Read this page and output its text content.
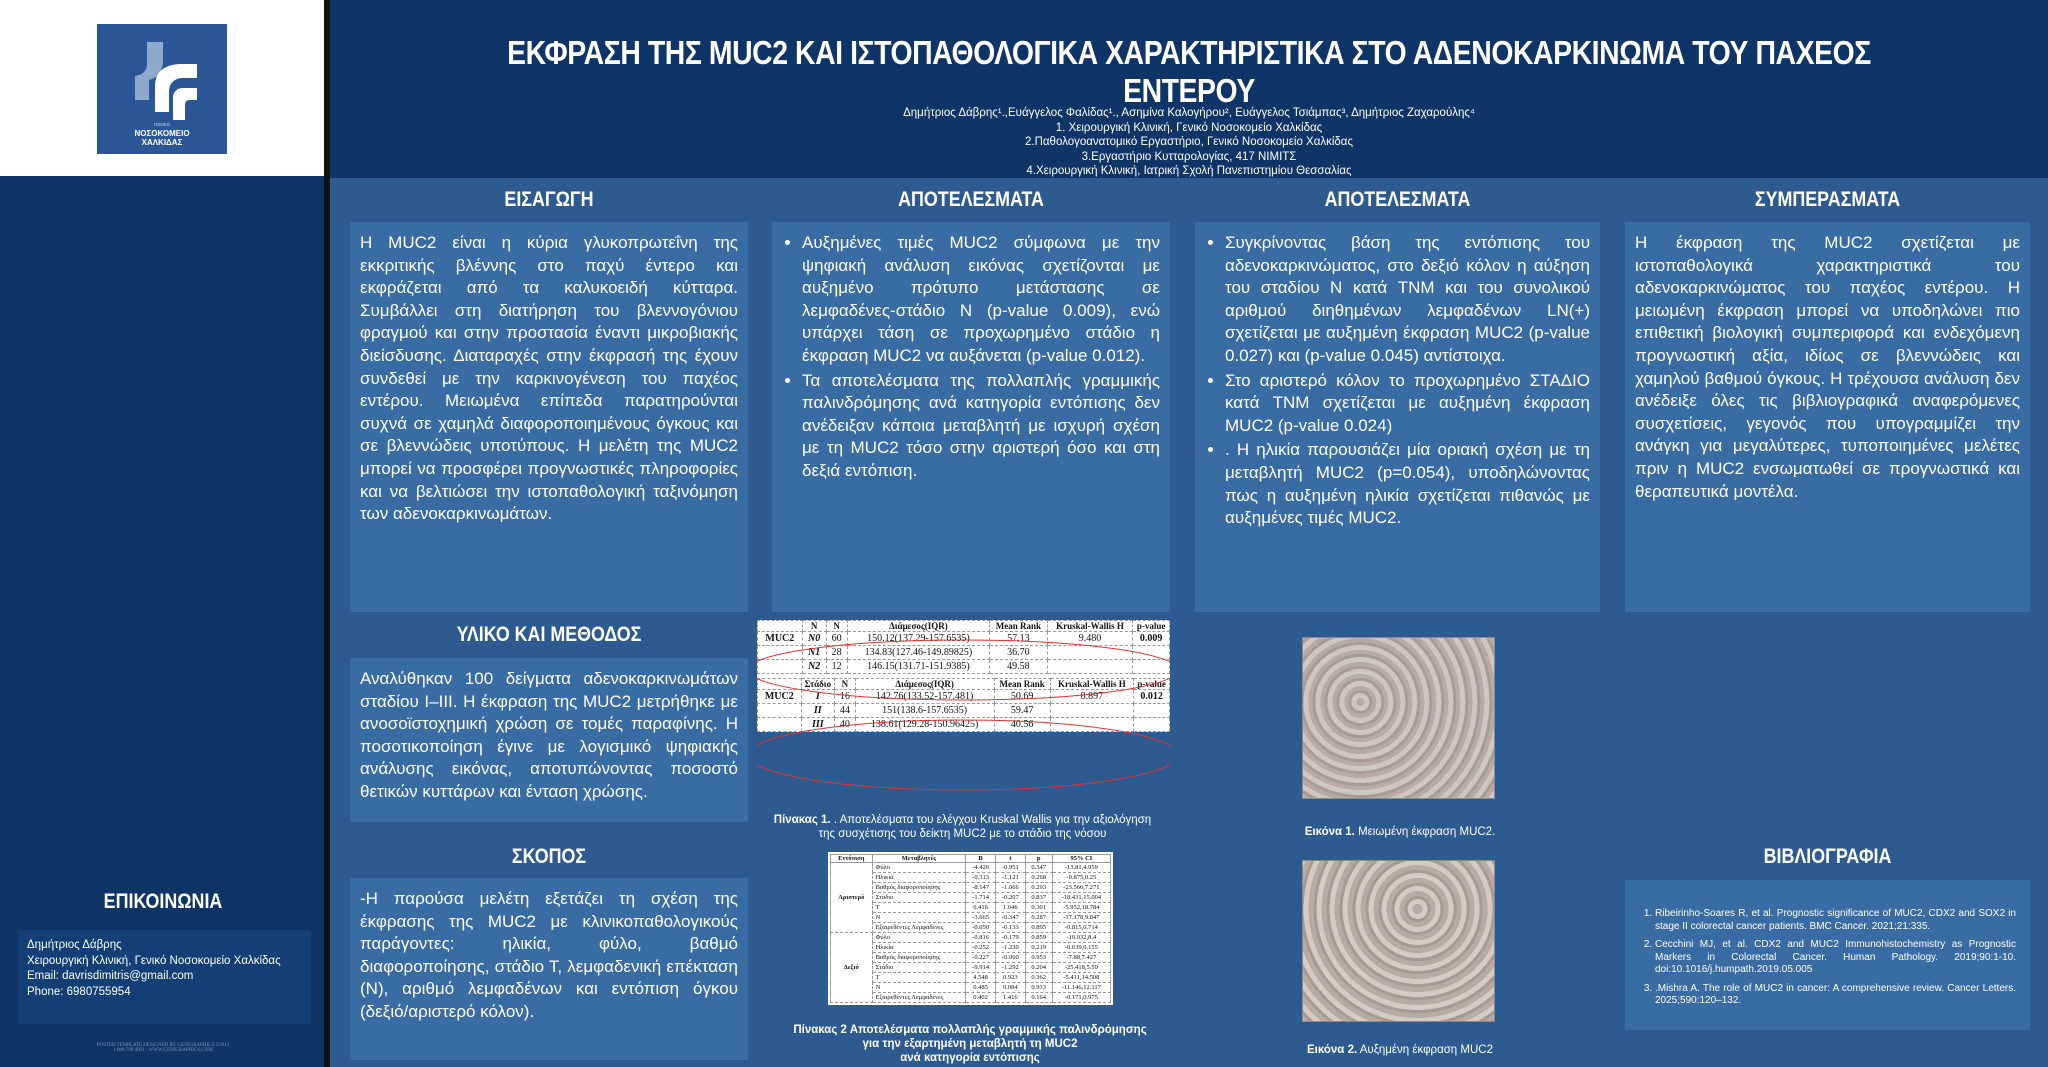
ΓΕΝΙΚΟ
ΝΟΣΟΚΟΜΕΙΟ
ΧΑΛΚΙΔΑΣ
ΕΚΦΡΑΣΗ ΤΗΣ MUC2 ΚΑΙ ΙΣΤΟΠΑΘΟΛΟΓΙΚΑ ΧΑΡΑΚΤΗΡΙΣΤΙΚΑ ΣΤΟ ΑΔΕΝΟΚΑΡΚΙΝΩΜΑ ΤΟΥ ΠΑΧΕΟΣ ΕΝΤΕΡΟΥ
Δημήτριος Δάβρης¹.,Ευάγγελος Φαλίδας¹., Ασημίνα Καλογήρου², Ευάγγελος Τσιάμπας³, Δημήτριος Ζαχαρούλης⁴
1. Χειρουργική Κλινική, Γενικό Νοσοκομείο Χαλκίδας
2.Παθολογοανατομικό Εργαστήριο, Γενικό Νοσοκομείο Χαλκίδας
3.Εργαστήριο Κυτταρολογίας, 417 ΝΙΜΙΤΣ
4.Χειρουργική Κλινική, Ιατρική Σχολή Πανεπιστημίου Θεσσαλίας
ΕΙΣΑΓΩΓΗ

Η MUC2 είναι η κύρια γλυκοπρωτεΐνη της εκκριτικής βλέννης στο παχύ έντερο και εκφράζεται από τα καλυκοειδή κύτταρα. Συμβάλλει στη διατήρηση του βλεννογόνιου φραγμού και στην προστασία έναντι μικροβιακής διείσδυσης. Διαταραχές στην έκφρασή της έχουν συνδεθεί με την καρκινογένεση του παχέος εντέρου. Μειωμένα επίπεδα παρατηρούνται συχνά σε χαμηλά διαφοροποιημένους όγκους και σε βλεννώδεις υποτύπους. Η μελέτη της MUC2 μπορεί να προσφέρει προγνωστικές πληροφορίες και να βελτιώσει την ιστοπαθολογική ταξινόμηση των αδενοκαρκινωμάτων.

ΥΛΙΚΟ ΚΑΙ ΜΕΘΟΔΟΣ

Αναλύθηκαν 100 δείγματα αδενοκαρκινωμάτων σταδίου I–III. Η έκφραση της MUC2 μετρήθηκε με ανοσοϊστοχημική χρώση σε τομές παραφίνης. Η ποσοτικοποίηση έγινε με λογισμικό ψηφιακής ανάλυσης εικόνας, αποτυπώνοντας ποσοστό θετικών κυττάρων και ένταση χρώσης.

ΣΚΟΠΟΣ

-Η παρούσα μελέτη εξετάζει τη σχέση της έκφρασης της MUC2 με κλινικοπαθολογικούς παράγοντες: ηλικία, φύλο, βαθμό διαφοροποίησης, στάδιο Τ, λεμφαδενική επέκταση (Ν), αριθμό λεμφαδένων και εντόπιση όγκου (δεξιό/αριστερό κόλον).

ΑΠΟΤΕΛΕΣΜΑΤΑ
• Αυξημένες τιμές MUC2 σύμφωνα με την ψηφιακή ανάλυση εικόνας σχετίζονται με αυξημένο πρότυπο μετάστασης σε λεμφαδένες-στάδιο Ν (p-value 0.009), ενώ υπάρχει τάση σε προχωρημένο στάδιο η έκφραση MUC2 να αυξάνεται (p-value 0.012).
• Τα αποτελέσματα της πολλαπλής γραμμικής παλινδρόμησης ανά κατηγορία εντόπισης δεν ανέδειξαν κάποια μεταβλητή με ισχυρή σχέση με τη MUC2 τόσο στην αριστερή όσο και στη δεξιά εντόπιση.
	N	N	Διάμεσος(IQR)	Mean Rank	Kruskal-Wallis H	p-value
MUC2	N0	60	150.12(137.29-157.6535)	57.13	9.480	0.009
	N1	28	134.83(127.46-149.89825)	36.70		
	N2	12	146.15(131.71-151.9385)	49.58		
	Στάδιο	N	Διάμεσος(IQR)	Mean Rank	Kruskal-Wallis H	p-value
MUC2	I	16	142.76(133.52-157.481)	50.69	8.897	0.012
	II	44	151(138.6-157.6535)	59.47		
	III	40	138.61(129.28-150.96425)	40.56		
Πίνακας 1. . Αποτελέσματα του ελέγχου Kruskal Wallis για την αξιολόγηση της συσχέτισης του δείκτη MUC2 με το στάδιο της νόσου
Εντόπιση	Μεταβλητές	B	t	p	95% CI
Αριστερό	Φύλο	-4.426	-0.951	0.347	-13.81,4.959
	Ηλικία	-0.313	-1.121	0.268	-0.875,0.25
	Βαθμός διαφοροποίησης	-8.147	-1.066	0.293	-23.566,7.271
	Στάδιο	-1.714	-0.207	0.837	-18.431,15.004
	T	6.416	1.046	0.301	-5.952,18.784
	N	-3.665	-0.347	0.287	-17.178,9.847
	Εξαιρεθέντες Λεμφαδένες	-0.050	-0.133	0.895	-0.815,0.714
Δεξιό	Φύλο	-0.816	-0.179	0.859	-10.032,8.4
	Ηλικία	-0.252	-1.230	0.219	-0.639,0.155
	Βαθμός διαφοροποίησης	-0.227	-0.060	0.953	-7.88,7.427
	Στάδιο	-9.914	-1.292	0.204	-25.418,5.59
	T	4.548	0.923	0.362	-5.411,14.508
	N	0.485	0.084	0.933	-11.146,12.117
	Εξαιρεθέντες Λεμφαδένες	0.402	1.416	0.164	-0.171,0.975
Πίνακας 2 Αποτελέσματα πολλαπλής γραμμικής παλινδρόμησης
για την εξαρτημένη μεταβλητή τη MUC2
ανά κατηγορία εντόπισης
ΑΠΟΤΕΛΕΣΜΑΤΑ
• Συγκρίνοντας βάση της εντόπισης του αδενοκαρκινώματος, στο δεξιό κόλον η αύξηση του σταδίου Ν κατά TNM και του συνολικού αριθμού διηθημένων λεμφαδένων LN(+) σχετίζεται με αυξημένη έκφραση MUC2 (p-value 0.027) και (p-value 0.045) αντίστοιχα.
• Στο αριστερό κόλον το προχωρημένο ΣΤΑΔΙΟ κατά TNM σχετίζεται με αυξημένη έκφραση MUC2 (p-value 0.024)
• . Η ηλικία παρουσιάζει μία οριακή σχέση με τη μεταβλητή MUC2 (p=0.054), υποδηλώνοντας πως η αυξημένη ηλικία σχετίζεται πιθανώς με αυξημένες τιμές MUC2.
Εικόνα 1. Μειωμένη έκφραση MUC2.
Εικόνα 2. Αυξημένη έκφραση MUC2
ΣΥΜΠΕΡΑΣΜΑΤΑ

Η έκφραση της MUC2 σχετίζεται με ιστοπαθολογικά χαρακτηριστικά του αδενοκαρκινώματος του παχέος εντέρου. Η μειωμένη έκφραση μπορεί να υποδηλώνει πιο επιθετική βιολογική συμπεριφορά και ενδεχόμενη προγνωστική αξία, ιδίως σε βλεννώδεις και χαμηλού βαθμού όγκους. Η τρέχουσα ανάλυση δεν ανέδειξε όλες τις βιβλιογραφικά αναφερόμενες συσχετίσεις, γεγονός που υπογραμμίζει την ανάγκη για μεγαλύτερες, τυποποιημένες μελέτες πριν η MUC2 ενσωματωθεί σε προγνωστικά και θεραπευτικά μοντέλα.

ΒΙΒΛΙΟΓΡΑΦΙΑ
1. Ribeirinho-Soares R, et al. Prognostic significance of MUC2, CDX2 and SOX2 in stage II colorectal cancer patients. BMC Cancer. 2021;21:335.
2. Cecchini MJ, et al. CDX2 and MUC2 Immunohistochemistry as Prognostic Markers in Colorectal Cancer. Human Pathology. 2019;90:1-10. doi:10.1016/j.humpath.2019.05.005
3. .Mishra A. The role of MUC2 in cancer: A comprehensive review. Cancer Letters. 2025;590:120–132.
ΕΠΙΚΟΙΝΩΝΙΑ
Δημήτριος Δάβρης
Χειρουργική Κλινική, Γενικό Νοσοκομείο Χαλκίδας
Email: davrisdimitris@gmail.com
Phone: 6980755954
POSTER TEMPLATE DESIGNED BY GENIGRAPHICS ©2012
1.800.790.4001 · WWW.GENIGRAPHICS.COM
